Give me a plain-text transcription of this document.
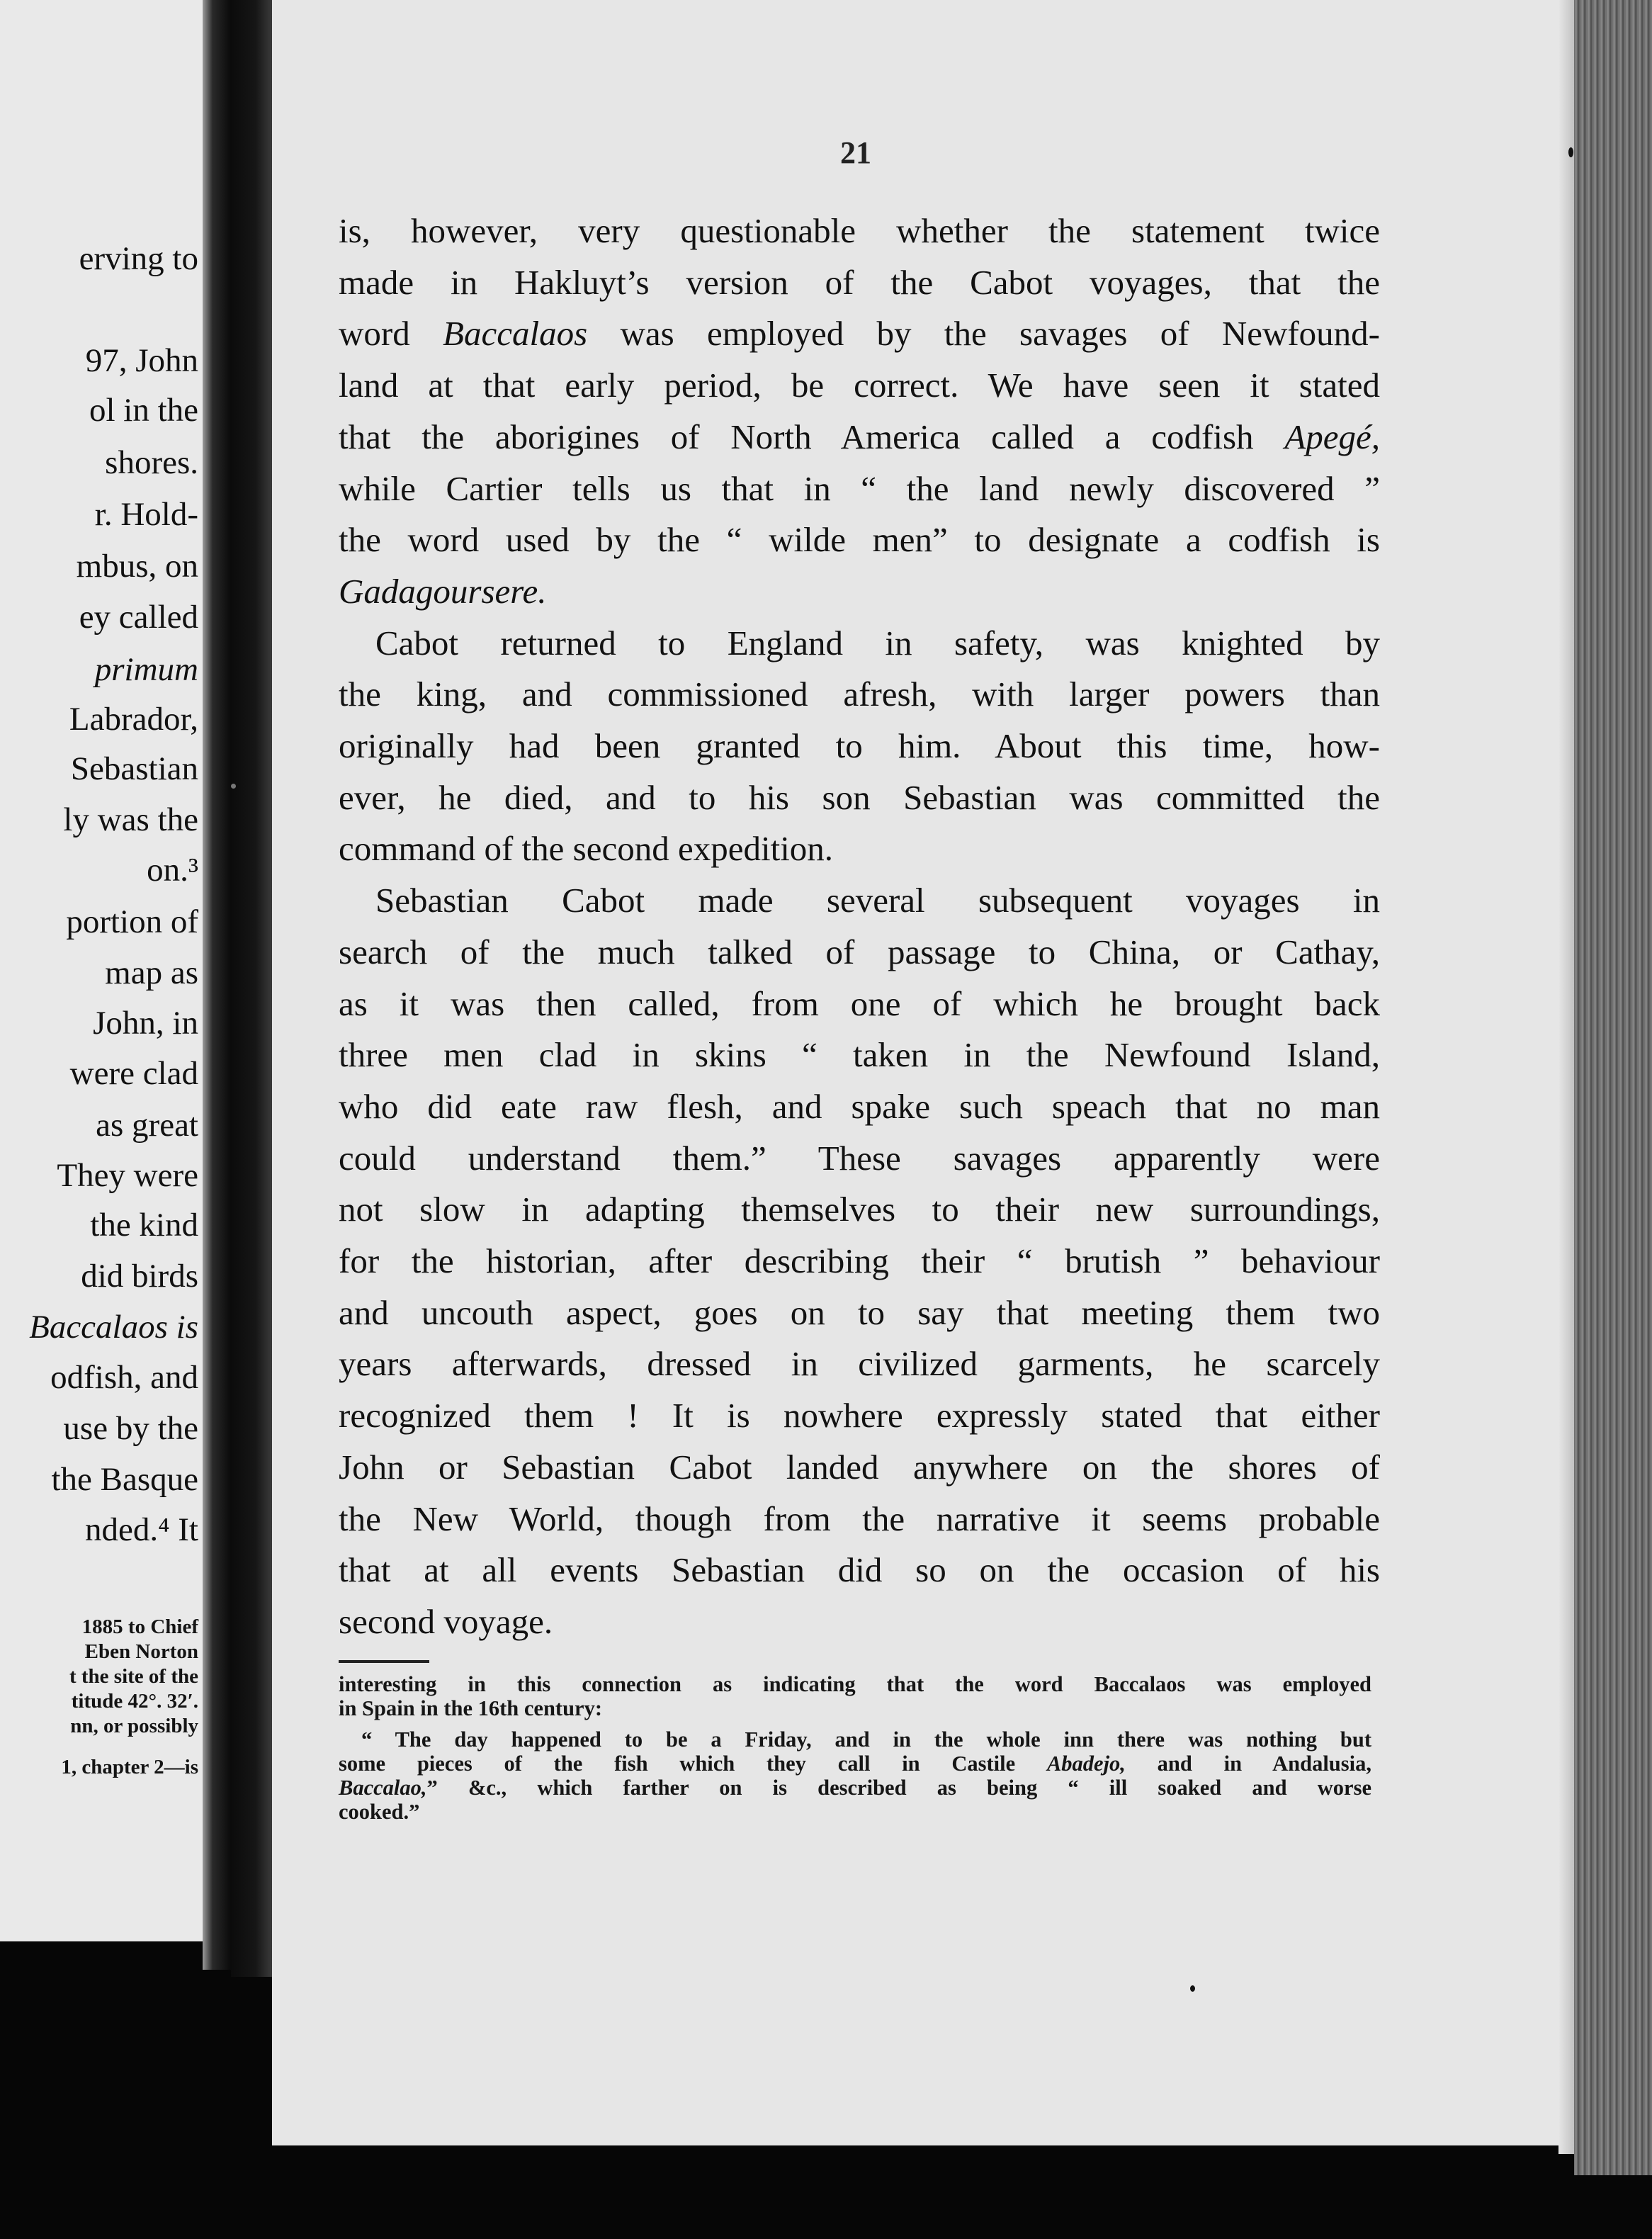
erving to
97, John
ol in the
shores.
r. Hold-
mbus, on
ey called
primum
Labrador,
Sebastian
ly was the
on.³
portion of
map as
John, in
were clad
as great
They were
the kind
did birds
Baccalaos is
odfish, and
use by the
the Basque
nded.⁴ It
1885 to Chief
Eben Norton
t the site of the
titude 42°. 32′.
nn, or possibly
1, chapter 2—is
21

is, however, very questionable whether the statement twice
made in Hakluyt’s version of the Cabot voyages, that the
word Baccalaos was employed by the savages of Newfound-
land at that early period, be correct. We have seen it stated
that the aborigines of North America called a codfish Apegé,
while Cartier tells us that in “ the land newly discovered ”
the word used by the “ wilde men” to designate a codfish is
Gadagoursere.

Cabot returned to England in safety, was knighted by
the king, and commissioned afresh, with larger powers than
originally had been granted to him. About this time, how-
ever, he died, and to his son Sebastian was committed the
command of the second expedition.

Sebastian Cabot made several subsequent voyages in
search of the much talked of passage to China, or Cathay,
as it was then called, from one of which he brought back
three men clad in skins “ taken in the Newfound Island,
who did eate raw flesh, and spake such speach that no man
could understand them.” These savages apparently were
not slow in adapting themselves to their new surroundings,
for the historian, after describing their “ brutish ” behaviour
and uncouth aspect, goes on to say that meeting them two
years afterwards, dressed in civilized garments, he scarcely
recognized them ! It is nowhere expressly stated that either
John or Sebastian Cabot landed anywhere on the shores of
the New World, though from the narrative it seems probable
that at all events Sebastian did so on the occasion of his
second voyage.

interesting in this connection as indicating that the word Baccalaos was employed
in Spain in the 16th century:
“ The day happened to be a Friday, and in the whole inn there was nothing but
some pieces of the fish which they call in Castile Abadejo, and in Andalusia,
Baccalao,” &c., which farther on is described as being “ ill soaked and worse
cooked.”
